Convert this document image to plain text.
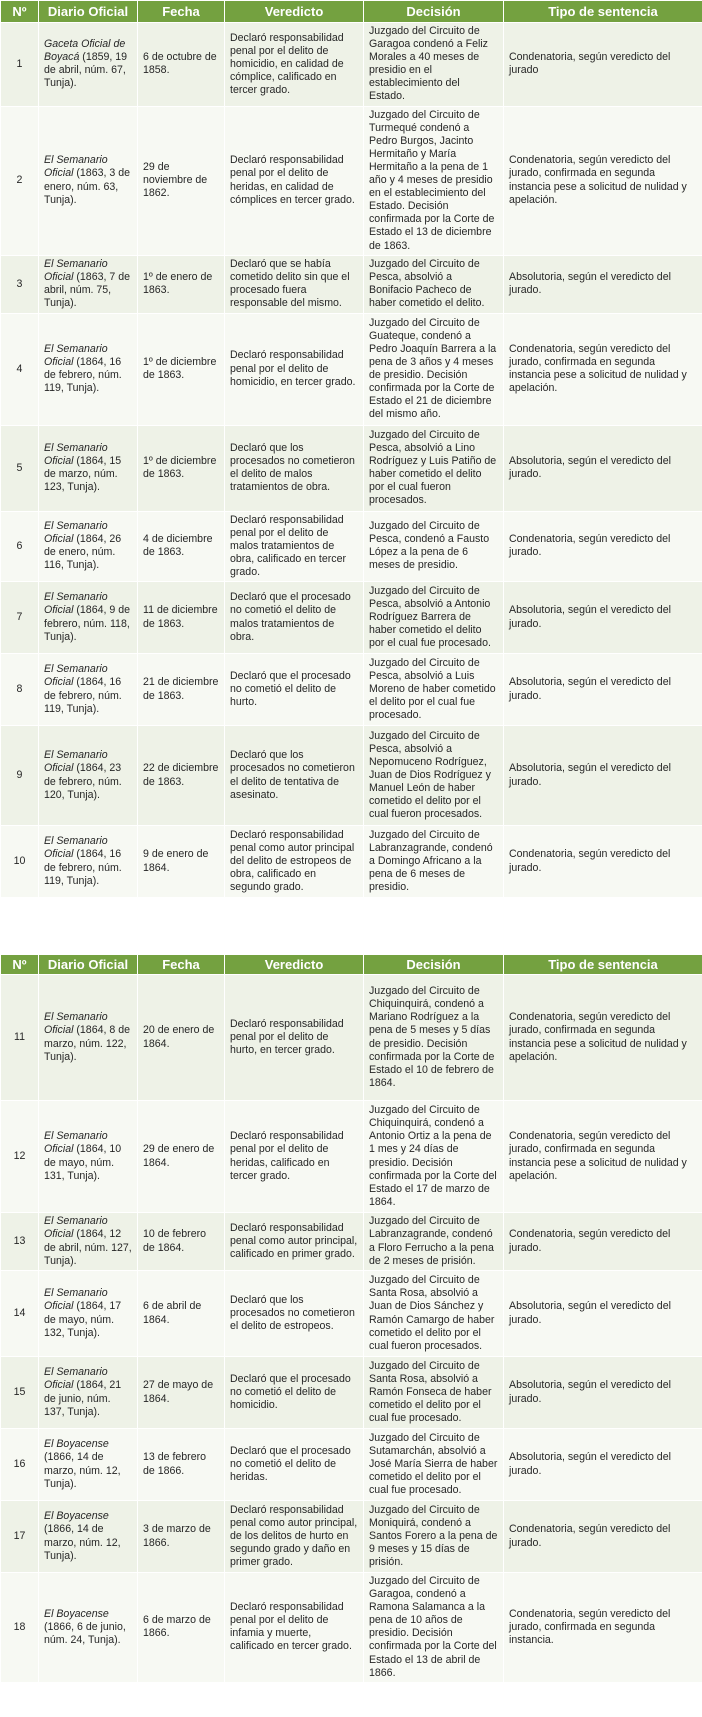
Nº	Diario Oficial	Fecha	Veredicto	Decisión	Tipo de sentencia
1	Gaceta Oficial de Boyacá (1859, 19 de abril, núm. 67, Tunja).	6 de octubre de 1858.	Declaró responsabilidad penal por el delito de homicidio, en calidad de cómplice, calificado en tercer grado.	Juzgado del Circuito de Garagoa condenó a Feliz Morales a 40 meses de presidio en el establecimiento del Estado.	Condenatoria, según veredicto del jurado
2	El Semanario Oficial (1863, 3 de enero, núm. 63, Tunja).	29 de noviembre de 1862.	Declaró responsabilidad penal por el delito de heridas, en calidad de cómplices en tercer grado.	Juzgado del Circuito de Turmequé condenó a Pedro Burgos, Jacinto Hermitaño y María Hermitaño a la pena de 1 año y 4 meses de presidio en el establecimiento del Estado. Decisión confirmada por la Corte de Estado el 13 de diciembre de 1863.	Condenatoria, según veredicto del jurado, confirmada en segunda instancia pese a solicitud de nulidad y apelación.
3	El Semanario Oficial (1863, 7 de abril, núm. 75, Tunja).	1º de enero de 1863.	Declaró que se había cometido delito sin que el procesado fuera responsable del mismo.	Juzgado del Circuito de Pesca, absolvió a Bonifacio Pacheco de haber cometido el delito.	Absolutoria, según el veredicto del jurado.
4	El Semanario Oficial (1864, 16 de febrero, núm. 119, Tunja).	1º de diciembre de 1863.	Declaró responsabilidad penal por el delito de homicidio, en tercer grado.	Juzgado del Circuito de Guateque, condenó a Pedro Joaquín Barrera a la pena de 3 años y 4 meses de presidio. Decisión confirmada por la Corte de Estado el 21 de diciembre del mismo año.	Condenatoria, según veredicto del jurado, confirmada en segunda instancia pese a solicitud de nulidad y apelación.
5	El Semanario Oficial (1864, 15 de marzo, núm. 123, Tunja).	1º de diciembre de 1863.	Declaró que los procesados no cometieron el delito de malos tratamientos de obra.	Juzgado del Circuito de Pesca, absolvió a Lino Rodríguez y Luis Patiño de haber cometido el delito por el cual fueron procesados.	Absolutoria, según el veredicto del jurado.
6	El Semanario Oficial (1864, 26 de enero, núm. 116, Tunja).	4 de diciembre de 1863.	Declaró responsabilidad penal por el delito de malos tratamientos de obra, calificado en tercer grado.	Juzgado del Circuito de Pesca, condenó a Fausto López a la pena de 6 meses de presidio.	Condenatoria, según veredicto del jurado.
7	El Semanario Oficial (1864, 9 de febrero, núm. 118, Tunja).	11 de diciembre de 1863.	Declaró que el procesado no cometió el delito de malos tratamientos de obra.	Juzgado del Circuito de Pesca, absolvió a Antonio Rodríguez Barrera de haber cometido el delito por el cual fue procesado.	Absolutoria, según el veredicto del jurado.
8	El Semanario Oficial (1864, 16 de febrero, núm. 119, Tunja).	21 de diciembre de 1863.	Declaró que el procesado no cometió el delito de hurto.	Juzgado del Circuito de Pesca, absolvió a Luis Moreno de haber cometido el delito por el cual fue procesado.	Absolutoria, según el veredicto del jurado.
9	El Semanario Oficial (1864, 23 de febrero, núm. 120, Tunja).	22 de diciembre de 1863.	Declaró que los procesados no cometieron el delito de tentativa de asesinato.	Juzgado del Circuito de Pesca, absolvió a Nepomuceno Rodríguez, Juan de Dios Rodríguez y Manuel León de haber cometido el delito por el cual fueron procesados.	Absolutoria, según el veredicto del jurado.
10	El Semanario Oficial (1864, 16 de febrero, núm. 119, Tunja).	9 de enero de 1864.	Declaró responsabilidad penal como autor principal del delito de estropeos de obra, calificado en segundo grado.	Juzgado del Circuito de Labranzagrande, condenó a Domingo Africano a la pena de 6 meses de presidio.	Condenatoria, según veredicto del jurado.
Nº	Diario Oficial	Fecha	Veredicto	Decisión	Tipo de sentencia
11	El Semanario Oficial (1864, 8 de marzo, núm. 122, Tunja).	20 de enero de 1864.	Declaró responsabilidad penal por el delito de hurto, en tercer grado.	Juzgado del Circuito de Chiquinquirá, condenó a Mariano Rodríguez a la pena de 5 meses y 5 días de presidio. Decisión confirmada por la Corte de Estado el 10 de febrero de 1864.	Condenatoria, según veredicto del jurado, confirmada en segunda instancia pese a solicitud de nulidad y apelación.
12	El Semanario Oficial (1864, 10 de mayo, núm. 131, Tunja).	29 de enero de 1864.	Declaró responsabilidad penal por el delito de heridas, calificado en tercer grado.	Juzgado del Circuito de Chiquinquirá, condenó a Antonio Ortiz a la pena de 1 mes y 24 días de presidio. Decisión confirmada por la Corte del Estado el 17 de marzo de 1864.	Condenatoria, según veredicto del jurado, confirmada en segunda instancia pese a solicitud de nulidad y apelación.
13	El Semanario Oficial (1864, 12 de abril, núm. 127, Tunja).	10 de febrero de 1864.	Declaró responsabilidad penal como autor principal, calificado en primer grado.	Juzgado del Circuito de Labranzagrande, condenó a Floro Ferrucho a la pena de 2 meses de prisión.	Condenatoria, según veredicto del jurado.
14	El Semanario Oficial (1864, 17 de mayo, núm. 132, Tunja).	6 de abril de 1864.	Declaró que los procesados no cometieron el delito de estropeos.	Juzgado del Circuito de Santa Rosa, absolvió a Juan de Dios Sánchez y Ramón Camargo de haber cometido el delito por el cual fueron procesados.	Absolutoria, según el veredicto del jurado.
15	El Semanario Oficial (1864, 21 de junio, núm. 137, Tunja).	27 de mayo de 1864.	Declaró que el procesado no cometió el delito de homicidio.	Juzgado del Circuito de Santa Rosa, absolvió a Ramón Fonseca de haber cometido el delito por el cual fue procesado.	Absolutoria, según el veredicto del jurado.
16	El Boyacense (1866, 14 de marzo, núm. 12, Tunja).	13 de febrero de 1866.	Declaró que el procesado no cometió el delito de heridas.	Juzgado del Circuito de Sutamarchán, absolvió a José María Sierra de haber cometido el delito por el cual fue procesado.	Absolutoria, según el veredicto del jurado.
17	El Boyacense (1866, 14 de marzo, núm. 12, Tunja).	3 de marzo de 1866.	Declaró responsabilidad penal como autor principal, de los delitos de hurto en segundo grado y daño en primer grado.	Juzgado del Circuito de Moniquirá, condenó a Santos Forero a la pena de 9 meses y 15 días de prisión.	Condenatoria, según veredicto del jurado.
18	El Boyacense (1866, 6 de junio, núm. 24, Tunja).	6 de marzo de 1866.	Declaró responsabilidad penal por el delito de infamia y muerte, calificado en tercer grado.	Juzgado del Circuito de Garagoa, condenó a Ramona Salamanca a la pena de 10 años de presidio. Decisión confirmada por la Corte del Estado el 13 de abril de 1866.	Condenatoria, según veredicto del jurado, confirmada en segunda instancia.
